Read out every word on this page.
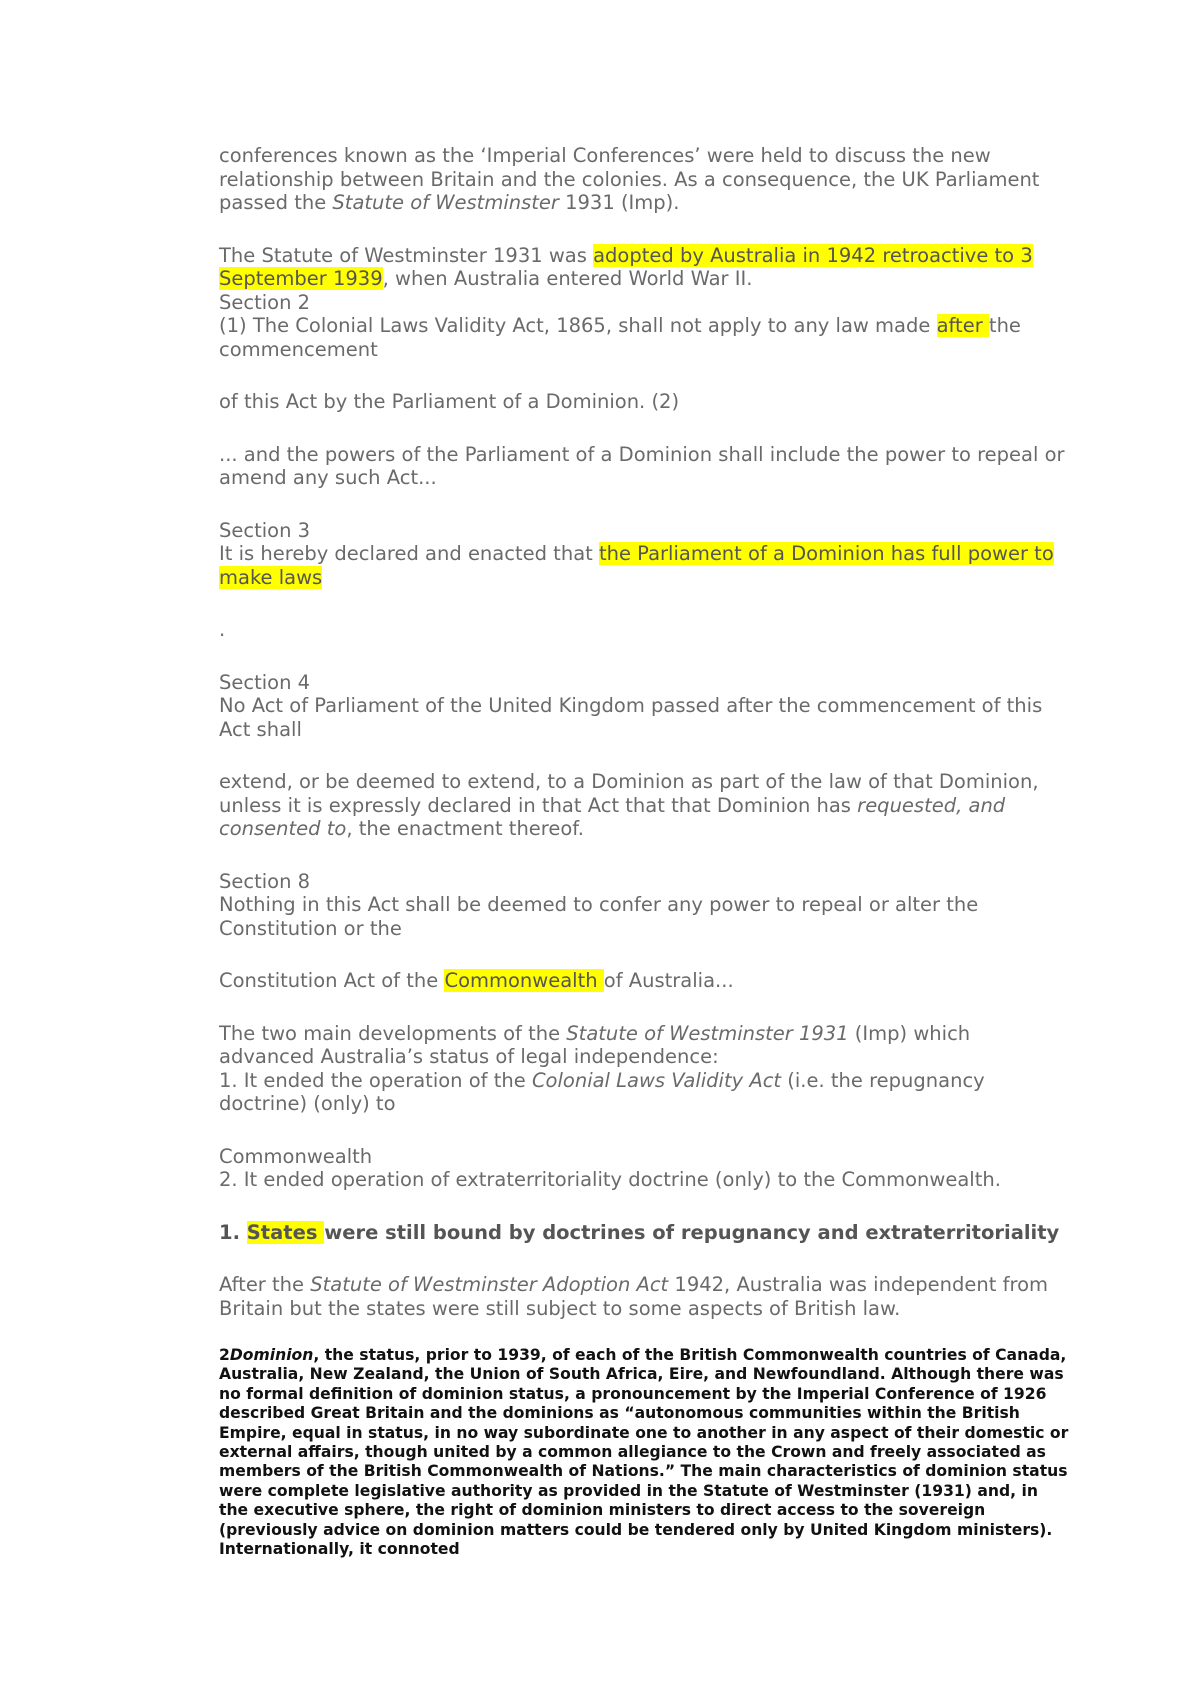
conferences known as the ‘Imperial Conferences’ were held to discuss the new relationship between Britain and the colonies. As a consequence, the UK Parliament passed the Statute of Westminster 1931 (Imp).

The Statute of Westminster 1931 was adopted by Australia in 1942 retroactive to 3 September 1939, when Australia entered World War II.

Section 2

(1) The Colonial Laws Validity Act, 1865, shall not apply to any law made after the commencement

of this Act by the Parliament of a Dominion. (2)

... and the powers of the Parliament of a Dominion shall include the power to repeal or amend any such Act...

Section 3

It is hereby declared and enacted that the Parliament of a Dominion has full power to make laws

.

Section 4

No Act of Parliament of the United Kingdom passed after the commencement of this Act shall

extend, or be deemed to extend, to a Dominion as part of the law of that Dominion, unless it is expressly declared in that Act that that Dominion has requested, and consented to, the enactment thereof.

Section 8

Nothing in this Act shall be deemed to confer any power to repeal or alter the Constitution or the

Constitution Act of the Commonwealth of Australia...

The two main developments of the Statute of Westminster 1931 (Imp) which advanced Australia’s status of legal independence:

1. It ended the operation of the Colonial Laws Validity Act (i.e. the repugnancy doctrine) (only) to

Commonwealth

2. It ended operation of extraterritoriality doctrine (only) to the Commonwealth.

1. States were still bound by doctrines of repugnancy and extraterritoriality

After the Statute of Westminster Adoption Act 1942, Australia was independent from Britain but the states were still subject to some aspects of British law.

2Dominion, the status, prior to 1939, of each of the British Commonwealth countries of Canada, Australia, New Zealand, the Union of South Africa, Eire, and Newfoundland. Although there was no formal definition of dominion status, a pronouncement by the Imperial Conference of 1926 described Great Britain and the dominions as “autonomous communities within the British Empire, equal in status, in no way subordinate one to another in any aspect of their domestic or external affairs, though united by a common allegiance to the Crown and freely associated as members of the British Commonwealth of Nations.” The main characteristics of dominion status were complete legislative authority as provided in the Statute of Westminster (1931) and, in the executive sphere, the right of dominion ministers to direct access to the sovereign (previously advice on dominion matters could be tendered only by United Kingdom ministers). Internationally, it connoted
